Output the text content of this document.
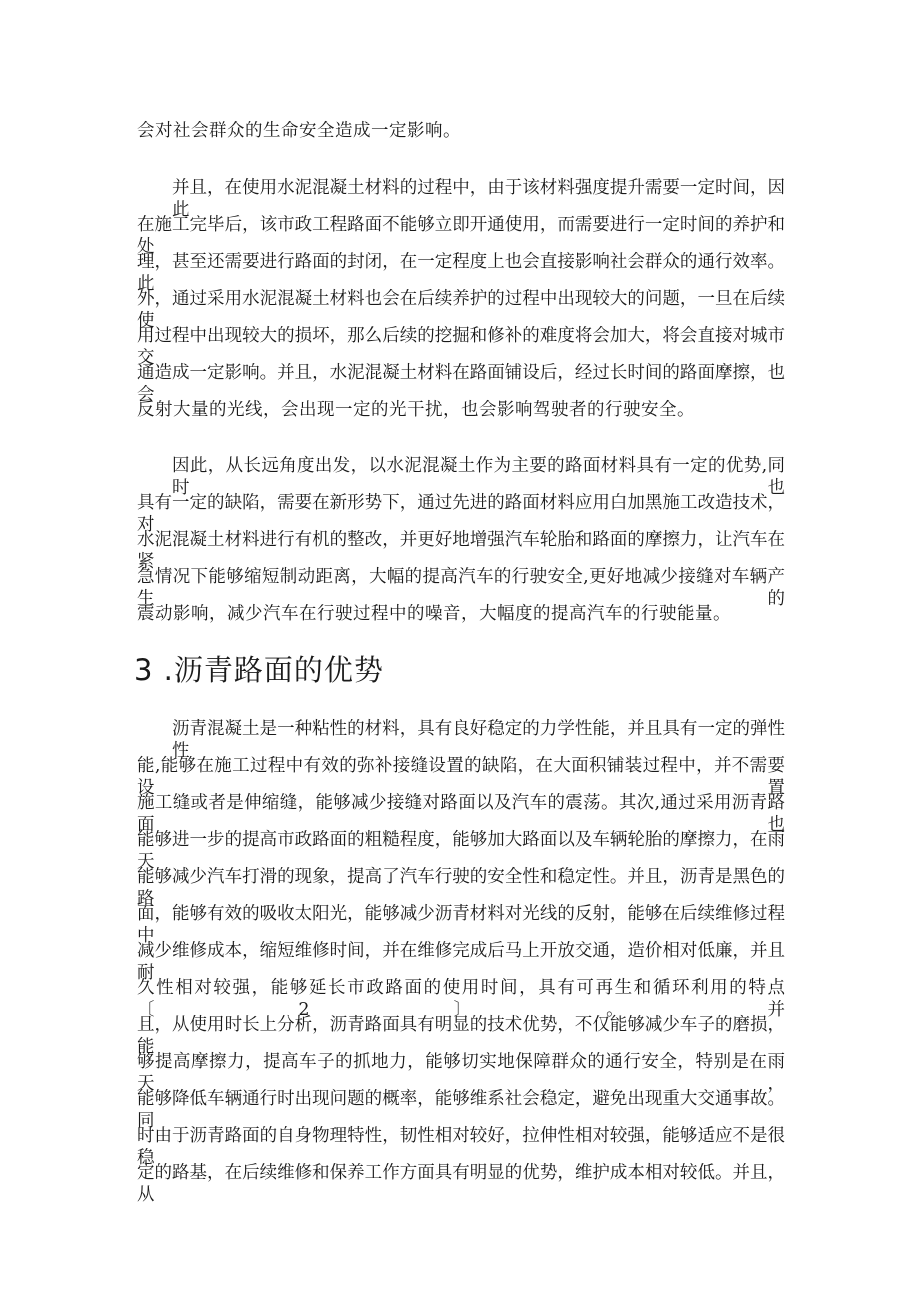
会对社会群众的生命安全造成一定影响。
并且，在使用水泥混凝土材料的过程中，由于该材料强度提升需要一定时间，因此
在施工完毕后，该市政工程路面不能够立即开通使用，而需要进行一定时间的养护和处
理，甚至还需要进行路面的封闭，在一定程度上也会直接影响社会群众的通行效率。此
外，通过采用水泥混凝土材料也会在后续养护的过程中出现较大的问题，一旦在后续使
用过程中出现较大的损坏，那么后续的挖掘和修补的难度将会加大，将会直接对城市交
通造成一定影响。并且，水泥混凝土材料在路面铺设后，经过长时间的路面摩擦，也会
反射大量的光线，会出现一定的光干扰，也会影响驾驶者的行驶安全。
因此，从长远角度出发，以水泥混凝土作为主要的路面材料具有一定的优势,同时也
具有一定的缺陷，需要在新形势下，通过先进的路面材料应用白加黑施工改造技术，对
水泥混凝土材料进行有机的整改，并更好地增强汽车轮胎和路面的摩擦力，让汽车在紧
急情况下能够缩短制动距离，大幅的提高汽车的行驶安全,更好地减少接缝对车辆产生的
震动影响，减少汽车在行驶过程中的噪音，大幅度的提高汽车的行驶能量。
3 .沥青路面的优势
沥青混凝土是一种粘性的材料，具有良好稳定的力学性能，并且具有一定的弹性性
能,能够在施工过程中有效的弥补接缝设置的缺陷，在大面积铺装过程中，并不需要设置
施工缝或者是伸缩缝，能够减少接缝对路面以及汽车的震荡。其次,通过采用沥青路面也
能够进一步的提高市政路面的粗糙程度，能够加大路面以及车辆轮胎的摩擦力，在雨天
能够减少汽车打滑的现象，提高了汽车行驶的安全性和稳定性。并且，沥青是黑色的路
面，能够有效的吸收太阳光，能够减少沥青材料对光线的反射，能够在后续维修过程中
减少维修成本，缩短维修时间，并在维修完成后马上开放交通，造价相对低廉，并且耐
久性相对较强，能够延长市政路面的使用时间，具有可再生和循环利用的特点〔2〕。并
且，从使用时长上分析，沥青路面具有明显的技术优势，不仅能够减少车子的磨损，能
够提高摩擦力，提高车子的抓地力，能够切实地保障群众的通行安全，特别是在雨天，
能够降低车辆通行时出现问题的概率，能够维系社会稳定，避免出现重大交通事故。同
时由于沥青路面的自身物理特性，韧性相对较好，拉伸性相对较强，能够适应不是很稳
定的路基，在后续维修和保养工作方面具有明显的优势，维护成本相对较低。并且，从
